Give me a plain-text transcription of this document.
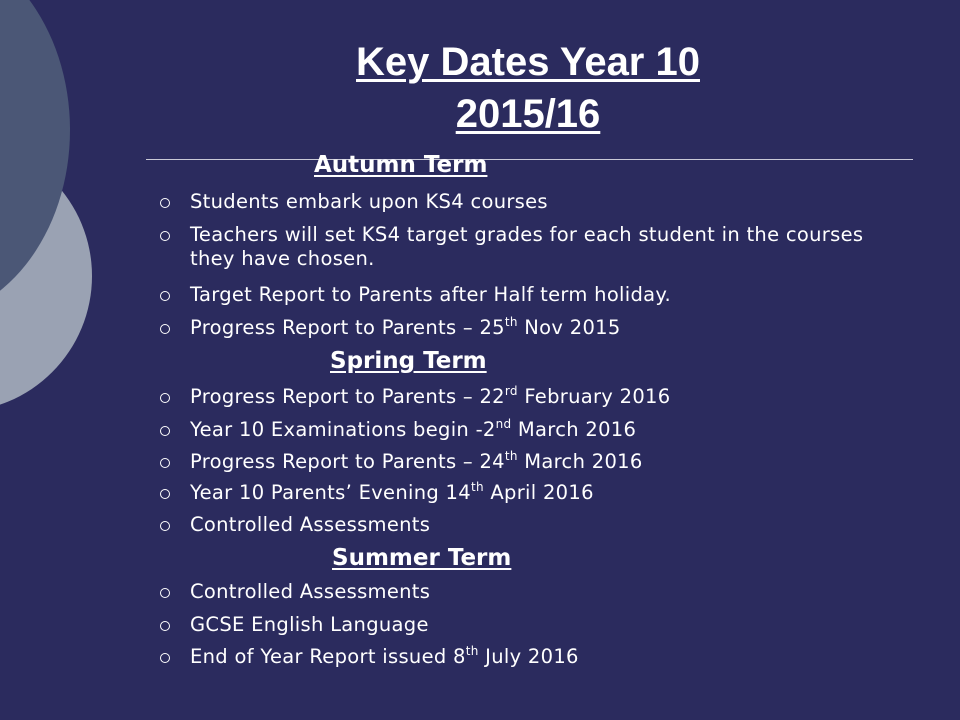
Key Dates Year 10
2015/16
Autumn Term
Students embark upon KS4 courses
Teachers will set KS4 target grades for each student in the courses they have chosen.
Target Report to Parents after Half term holiday.
Progress Report to Parents – 25th Nov 2015
Spring Term
Progress Report to Parents – 22rd February 2016
Year 10 Examinations begin -2nd March 2016
Progress Report to Parents – 24th March 2016
Year 10 Parents’ Evening 14th April 2016
Controlled Assessments
Summer Term
Controlled Assessments
GCSE English Language
End of Year Report issued 8th July 2016
